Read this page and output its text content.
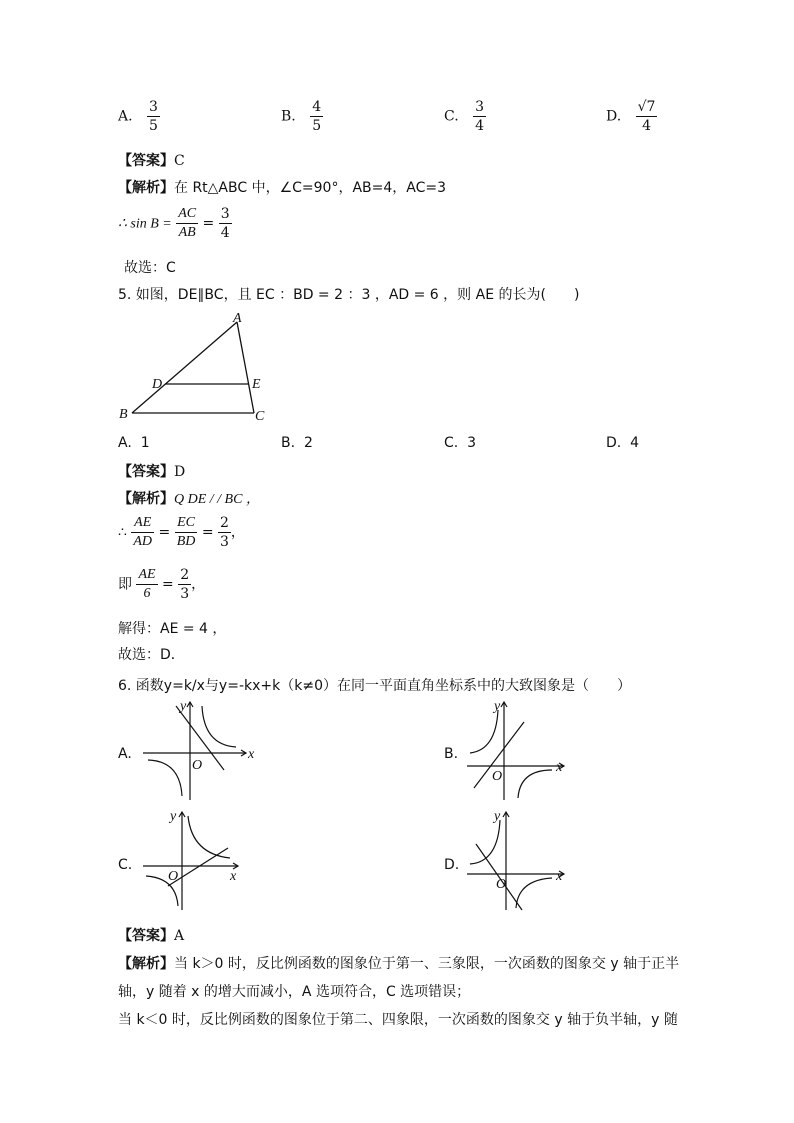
A. $\frac{3}{5}$	B. $\frac{4}{5}$	C. $\frac{3}{4}$	D. $\frac{√7}{4}$
【答案】C
【解析】在 Rt△ABC 中，∠C=90°，AB=4，AC=3
∴ $\sin B = \frac{AC}{AB} = \frac{3}{4}$
故选：C
5. 如图，DE∥BC，且 EC ：BD = 2 ：3 ，AD = 6 ，则 AE 的长为(　　)
A
B	C
D	E
A. 1	B. 2	C. 3	D. 4
【答案】D
【解析】Q DE / / BC ，
∴ $\frac{AE}{AD} = \frac{EC}{BD} = \frac{2}{3}$ ，
即 $\frac{AE}{6} = \frac{2}{3}$ ，
解得：AE = 4 ，
故选：D．
6. 函数y=k/x与y=-kx+k（k≠0）在同一平面直角坐标系中的大致图象是（　　）
A.	x
y
O
B.
x
y
O
C.
x
y
O
D.
x
y
O
【答案】A
【解析】当 k＞0 时，反比例函数的图象位于第一、三象限，一次函数的图象交 y 轴于正半
轴，y 随着 x 的增大而减小，A 选项符合，C 选项错误；
当 k＜0 时，反比例函数的图象位于第二、四象限，一次函数的图象交 y 轴于负半轴，y 随
